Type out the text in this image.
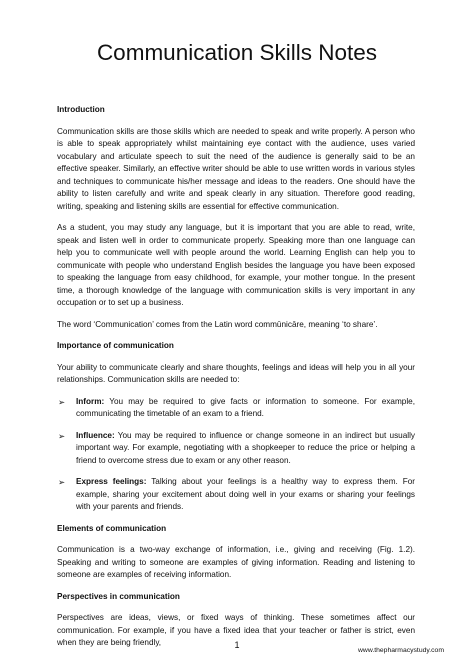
Communication Skills Notes
Introduction

Communication skills are those skills which are needed to speak and write properly. A person who is able to speak appropriately whilst maintaining eye contact with the audience, uses varied vocabulary and articulate speech to suit the need of the audience is generally said to be an effective speaker. Similarly, an effective writer should be able to use written words in various styles and techniques to communicate his/her message and ideas to the readers. One should have the ability to listen carefully and write and speak clearly in any situation. Therefore good reading, writing, speaking and listening skills are essential for effective communication.

As a student, you may study any language, but it is important that you are able to read, write, speak and listen well in order to communicate properly. Speaking more than one language can help you to communicate well with people around the world. Learning English can help you to communicate with people who understand English besides the language you have been exposed to speaking the language from easy childhood, for example, your mother tongue. In the present time, a thorough knowledge of the language with communication skills is very important in any occupation or to set up a business.

The word ‘Communication’ comes from the Latin word commūnicāre, meaning ‘to share’.

Importance of communication

Your ability to communicate clearly and share thoughts, feelings and ideas will help you in all your relationships. Communication skills are needed to:

➢ Inform: You may be required to give facts or information to someone. For example, communicating the timetable of an exam to a friend.
➢ Influence: You may be required to influence or change someone in an indirect but usually important way. For example, negotiating with a shopkeeper to reduce the price or helping a friend to overcome stress due to exam or any other reason.
➢ Express feelings: Talking about your feelings is a healthy way to express them. For example, sharing your excitement about doing well in your exams or sharing your feelings with your parents and friends.
Elements of communication

Communication is a two-way exchange of information, i.e., giving and receiving (Fig. 1.2). Speaking and writing to someone are examples of giving information. Reading and listening to someone are examples of receiving information.

Perspectives in communication

Perspectives are ideas, views, or fixed ways of thinking. These sometimes affect our communication. For example, if you have a fixed idea that your teacher or father is strict, even when they are being friendly,	1
www.thepharmacystudy.com
